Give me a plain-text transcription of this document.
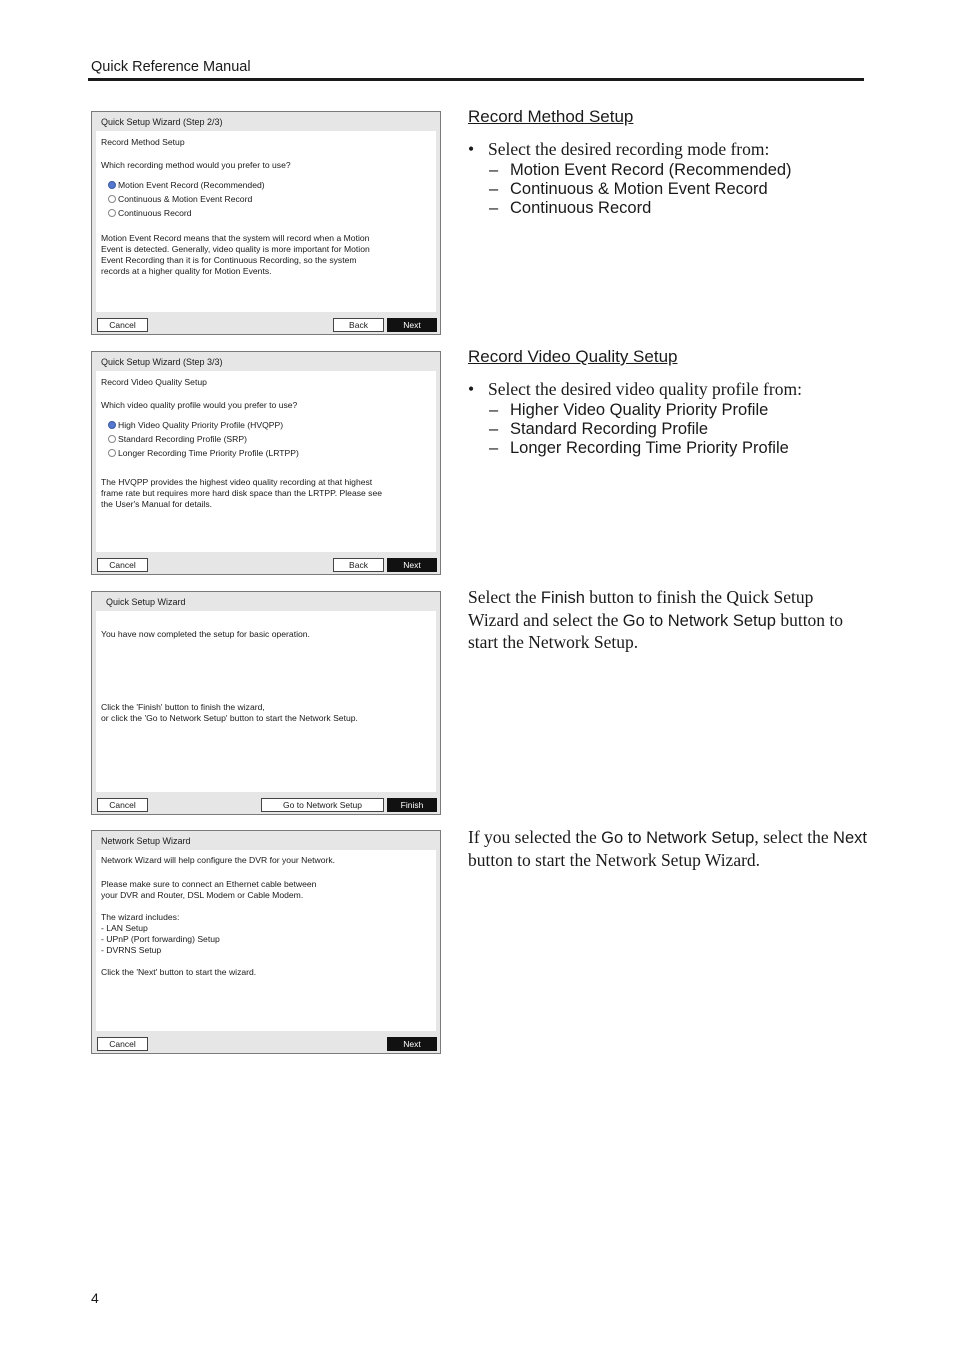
Quick Reference Manual
Quick Setup Wizard (Step 2/3)
Record Method Setup
Which recording method would you prefer to use?
Motion Event Record (Recommended)
Continuous & Motion Event Record
Continuous Record
Motion Event Record means that the system will record when a Motion
Event is detected. Generally, video quality is more important for Motion
Event Recording than it is for Continuous Recording, so the system
records at a higher quality for Motion Events.
Cancel	Back	Next
Quick Setup Wizard (Step 3/3)
Record Video Quality Setup
Which video quality profile would you prefer to use?
High Video Quality Priority Profile (HVQPP)
Standard Recording Profile (SRP)
Longer Recording Time Priority Profile (LRTPP)
The HVQPP provides the highest video quality recording at that highest
frame rate but requires more hard disk space than the LRTPP. Please see
the User's Manual for details.
Cancel	Back	Next
Quick Setup Wizard
You have now completed the setup for basic operation.
Click the 'Finish' button to finish the wizard,
or click the 'Go to Network Setup' button to start the Network Setup.
Cancel	Go to Network Setup	Finish
Network Setup Wizard
Network Wizard will help configure the DVR for your Network.
Please make sure to connect an Ethernet cable between
your DVR and Router, DSL Modem or Cable Modem.
The wizard includes:
- LAN Setup
- UPnP (Port forwarding) Setup
- DVRNS Setup
Click the 'Next' button to start the wizard.
Cancel	Next
Record Method Setup
• Select the desired recording mode from:
– Motion Event Record (Recommended)
– Continuous & Motion Event Record
– Continuous Record
Record Video Quality Setup
• Select the desired video quality profile from:
– Higher Video Quality Priority Profile
– Standard Recording Profile
– Longer Recording Time Priority Profile
Select the Finish button to finish the Quick Setup Wizard and select the Go to Network Setup button to start the Network Setup.
If you selected the Go to Network Setup, select the Next button to start the Network Setup Wizard.
4
